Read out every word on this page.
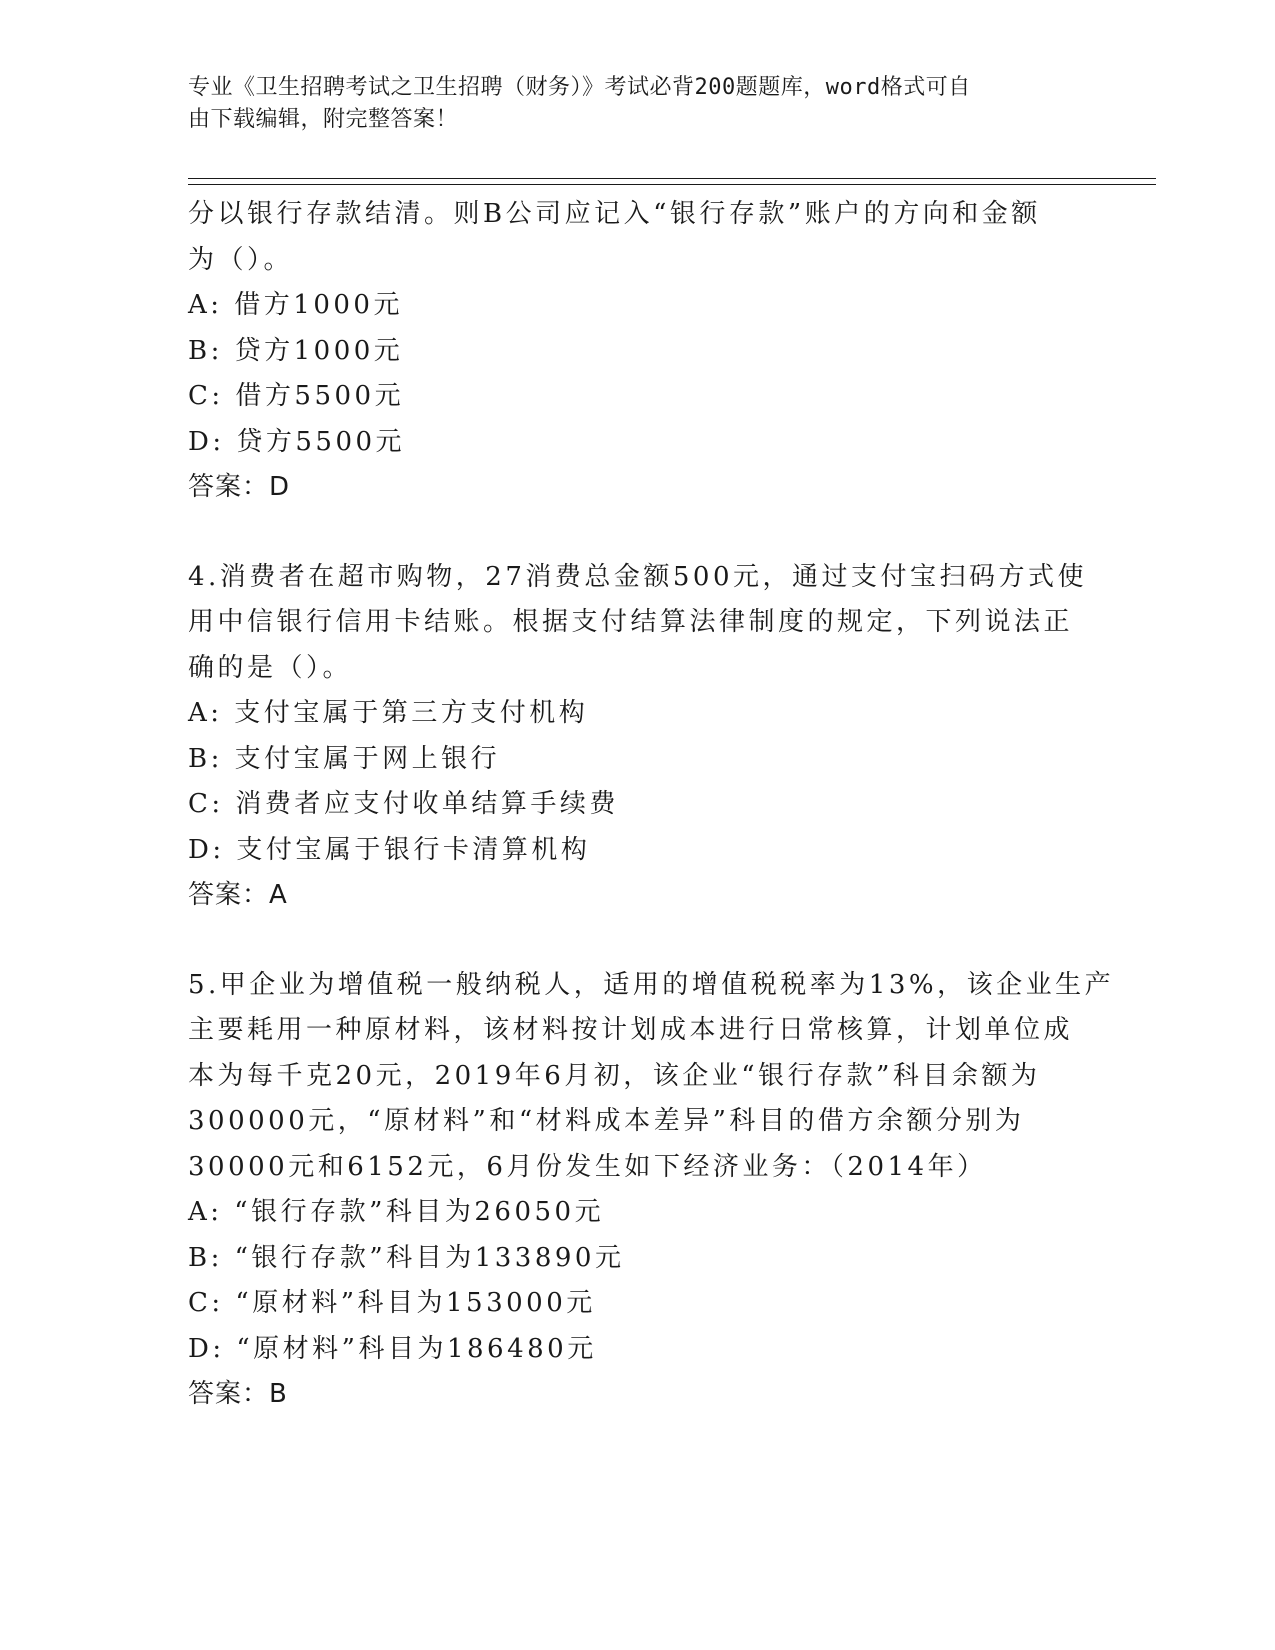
专业《卫生招聘考试之卫生招聘（财务）》考试必背200题题库，word格式可自
由下载编辑，附完整答案！
分以银行存款结清。则B公司应记入“银行存款”账户的方向和金额
为（）。
A: 借方1000元
B: 贷方1000元
C: 借方5500元
D: 贷方5500元
答案：D
4.消费者在超市购物，27消费总金额500元，通过支付宝扫码方式使
用中信银行信用卡结账。根据支付结算法律制度的规定，下列说法正
确的是（）。
A: 支付宝属于第三方支付机构
B: 支付宝属于网上银行
C: 消费者应支付收单结算手续费
D: 支付宝属于银行卡清算机构
答案：A
5.甲企业为增值税一般纳税人，适用的增值税税率为13%，该企业生产
主要耗用一种原材料，该材料按计划成本进行日常核算，计划单位成
本为每千克20元，2019年6月初，该企业“银行存款”科目余额为
300000元，“原材料”和“材料成本差异”科目的借方余额分别为
30000元和6152元，6月份发生如下经济业务：（2014年）
A: “银行存款”科目为26050元
B: “银行存款”科目为133890元
C: “原材料”科目为153000元
D: “原材料”科目为186480元
答案：B
